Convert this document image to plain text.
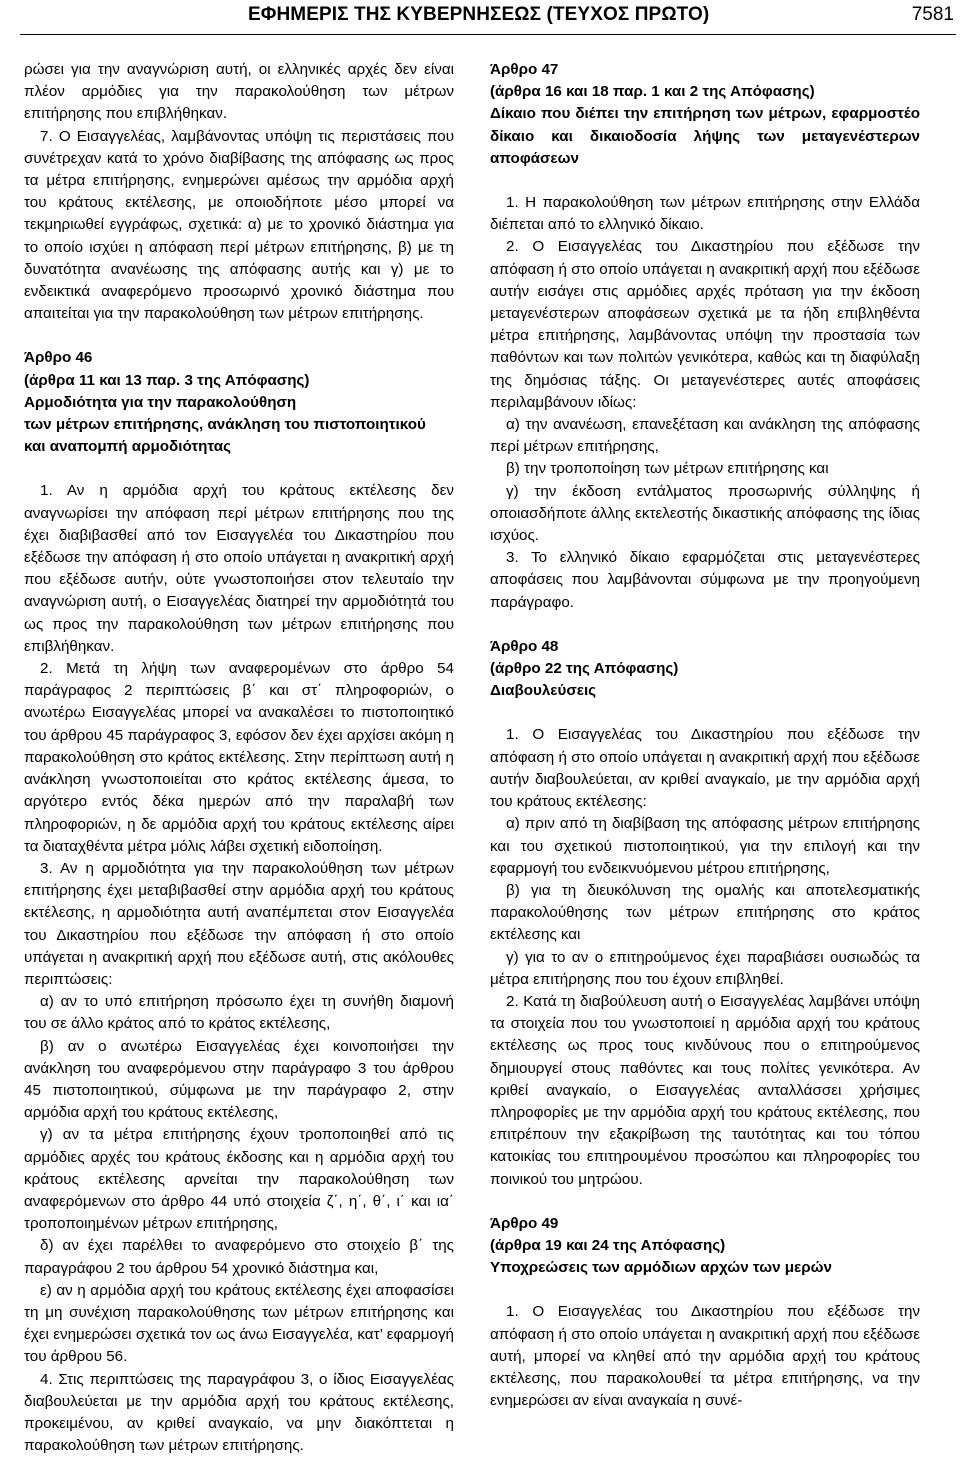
ΕΦΗΜΕΡΙΣ ΤΗΣ ΚΥΒΕΡΝΗΣΕΩΣ (ΤΕΥΧΟΣ ΠΡΩΤΟ)	7581

ρώσει για την αναγνώριση αυτή, οι ελληνικές αρχές δεν είναι πλέον αρμόδιες για την παρακολούθηση των μέτρων επιτήρησης που επιβλήθηκαν.

7. Ο Εισαγγελέας, λαμβάνοντας υπόψη τις περιστάσεις που συνέτρεχαν κατά το χρόνο διαβίβασης της απόφασης ως προς τα μέτρα επιτήρησης, ενημερώνει αμέσως την αρμόδια αρχή του κράτους εκτέλεσης, με οποιοδήποτε μέσο μπορεί να τεκμηριωθεί εγγράφως, σχετικά: α) με το χρονικό διάστημα για το οποίο ισχύει η απόφαση περί μέτρων επιτήρησης, β) με τη δυνατότητα ανανέωσης της απόφασης αυτής και γ) με το ενδεικτικά αναφερόμενο προσωρινό χρονικό διάστημα που απαιτείται για την παρακολούθηση των μέτρων επιτήρησης.

Άρθρο 46

(άρθρα 11 και 13 παρ. 3 της Απόφασης)

Αρμοδιότητα για την παρακολούθηση

των μέτρων επιτήρησης, ανάκληση του πιστοποιητικού

και αναπομπή αρμοδιότητας

1. Αν η αρμόδια αρχή του κράτους εκτέλεσης δεν αναγνωρίσει την απόφαση περί μέτρων επιτήρησης που της έχει διαβιβασθεί από τον Εισαγγελέα του Δικαστηρίου που εξέδωσε την απόφαση ή στο οποίο υπάγεται η ανακριτική αρχή που εξέδωσε αυτήν, ούτε γνωστοποιήσει στον τελευταίο την αναγνώριση αυτή, ο Εισαγγελέας διατηρεί την αρμοδιότητά του ως προς την παρακολούθηση των μέτρων επιτήρησης που επιβλήθηκαν.

2. Μετά τη λήψη των αναφερομένων στο άρθρο 54 παράγραφος 2 περιπτώσεις β΄ και στ΄ πληροφοριών, ο ανωτέρω Εισαγγελέας μπορεί να ανακαλέσει το πιστοποιητικό του άρθρου 45 παράγραφος 3, εφόσον δεν έχει αρχίσει ακόμη η παρακολούθηση στο κράτος εκτέλεσης. Στην περίπτωση αυτή η ανάκληση γνωστοποιείται στο κράτος εκτέλεσης άμεσα, το αργότερο εντός δέκα ημερών από την παραλαβή των πληροφοριών, η δε αρμόδια αρχή του κράτους εκτέλεσης αίρει τα διαταχθέντα μέτρα μόλις λάβει σχετική ειδοποίηση.

3. Αν η αρμοδιότητα για την παρακολούθηση των μέτρων επιτήρησης έχει μεταβιβασθεί στην αρμόδια αρχή του κράτους εκτέλεσης, η αρμοδιότητα αυτή αναπέμπεται στον Εισαγγελέα του Δικαστηρίου που εξέδωσε την απόφαση ή στο οποίο υπάγεται η ανακριτική αρχή που εξέδωσε αυτή, στις ακόλουθες περιπτώσεις:

α) αν το υπό επιτήρηση πρόσωπο έχει τη συνήθη διαμονή του σε άλλο κράτος από το κράτος εκτέλεσης,

β) αν ο ανωτέρω Εισαγγελέας έχει κοινοποιήσει την ανάκληση του αναφερόμενου στην παράγραφο 3 του άρθρου 45 πιστοποιητικού, σύμφωνα με την παράγραφο 2, στην αρμόδια αρχή του κράτους εκτέλεσης,

γ) αν τα μέτρα επιτήρησης έχουν τροποποιηθεί από τις αρμόδιες αρχές του κράτους έκδοσης και η αρμόδια αρχή του κράτους εκτέλεσης αρνείται την παρακολούθηση των αναφερόμενων στο άρθρο 44 υπό στοιχεία ζ΄, η΄, θ΄, ι΄ και ια΄ τροποποιημένων μέτρων επιτήρησης,

δ) αν έχει παρέλθει το αναφερόμενο στο στοιχείο β΄ της παραγράφου 2 του άρθρου 54 χρονικό διάστημα και,

ε) αν η αρμόδια αρχή του κράτους εκτέλεσης έχει αποφασίσει τη μη συνέχιση παρακολούθησης των μέτρων επιτήρησης και έχει ενημερώσει σχετικά τον ως άνω Εισαγγελέα, κατ’ εφαρμογή του άρθρου 56.

4. Στις περιπτώσεις της παραγράφου 3, ο ίδιος Εισαγγελέας διαβουλεύεται με την αρμόδια αρχή του κράτους εκτέλεσης, προκειμένου, αν κριθεί αναγκαίο, να μην διακόπτεται η παρακολούθηση των μέτρων επιτήρησης.

Άρθρο 47

(άρθρα 16 και 18 παρ. 1 και 2 της Απόφασης)

Δίκαιο που διέπει την επιτήρηση των μέτρων, εφαρμοστέο δίκαιο και δικαιοδοσία λήψης των μεταγενέστερων αποφάσεων

1. Η παρακολούθηση των μέτρων επιτήρησης στην Ελλάδα διέπεται από το ελληνικό δίκαιο.

2. Ο Εισαγγελέας του Δικαστηρίου που εξέδωσε την απόφαση ή στο οποίο υπάγεται η ανακριτική αρχή που εξέδωσε αυτήν εισάγει στις αρμόδιες αρχές πρόταση για την έκδοση μεταγενέστερων αποφάσεων σχετικά με τα ήδη επιβληθέντα μέτρα επιτήρησης, λαμβάνοντας υπόψη την προστασία των παθόντων και των πολιτών γενικότερα, καθώς και τη διαφύλαξη της δημόσιας τάξης. Οι μεταγενέστερες αυτές αποφάσεις περιλαμβάνουν ιδίως:

α) την ανανέωση, επανεξέταση και ανάκληση της απόφασης περί μέτρων επιτήρησης,

β) την τροποποίηση των μέτρων επιτήρησης και

γ) την έκδοση εντάλματος προσωρινής σύλληψης ή οποιασδήποτε άλλης εκτελεστής δικαστικής απόφασης της ίδιας ισχύος.

3. Το ελληνικό δίκαιο εφαρμόζεται στις μεταγενέστερες αποφάσεις που λαμβάνονται σύμφωνα με την προηγούμενη παράγραφο.

Άρθρο 48

(άρθρο 22 της Απόφασης)

Διαβουλεύσεις

1. Ο Εισαγγελέας του Δικαστηρίου που εξέδωσε την απόφαση ή στο οποίο υπάγεται η ανακριτική αρχή που εξέδωσε αυτήν διαβουλεύεται, αν κριθεί αναγκαίο, με την αρμόδια αρχή του κράτους εκτέλεσης:

α) πριν από τη διαβίβαση της απόφασης μέτρων επιτήρησης και του σχετικού πιστοποιητικού, για την επιλογή και την εφαρμογή του ενδεικνυόμενου μέτρου επιτήρησης,

β) για τη διευκόλυνση της ομαλής και αποτελεσματικής παρακολούθησης των μέτρων επιτήρησης στο κράτος εκτέλεσης και

γ) για το αν ο επιτηρούμενος έχει παραβιάσει ουσιωδώς τα μέτρα επιτήρησης που του έχουν επιβληθεί.

2. Κατά τη διαβούλευση αυτή ο Εισαγγελέας λαμβάνει υπόψη τα στοιχεία που του γνωστοποιεί η αρμόδια αρχή του κράτους εκτέλεσης ως προς τους κινδύνους που ο επιτηρούμενος δημιουργεί στους παθόντες και τους πολίτες γενικότερα. Αν κριθεί αναγκαίο, ο Εισαγγελέας ανταλλάσσει χρήσιμες πληροφορίες με την αρμόδια αρχή του κράτους εκτέλεσης, που επιτρέπουν την εξακρίβωση της ταυτότητας και του τόπου κατοικίας του επιτηρουμένου προσώπου και πληροφορίες του ποινικού του μητρώου.

Άρθρο 49

(άρθρα 19 και 24 της Απόφασης)

Υποχρεώσεις των αρμόδιων αρχών των μερών

1. Ο Εισαγγελέας του Δικαστηρίου που εξέδωσε την απόφαση ή στο οποίο υπάγεται η ανακριτική αρχή που εξέδωσε αυτή, μπορεί να κληθεί από την αρμόδια αρχή του κράτους εκτέλεσης, που παρακολουθεί τα μέτρα επιτήρησης, να την ενημερώσει αν είναι αναγκαία η συνέ-
